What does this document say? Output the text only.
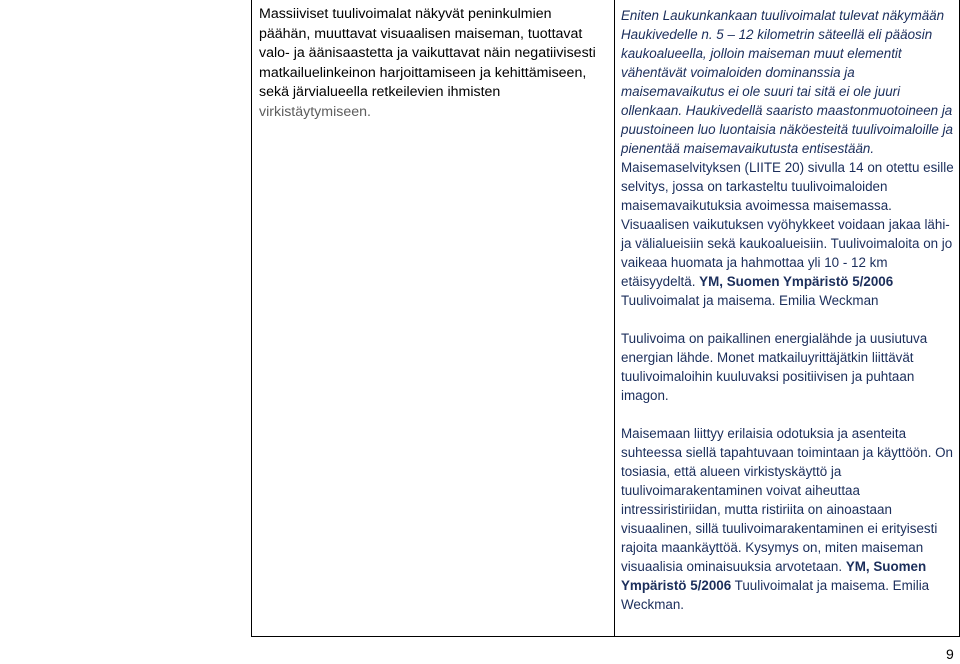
Massiiviset tuulivoimalat näkyvät peninkulmien päähän, muuttavat visuaalisen maiseman, tuottavat valo- ja äänisaastetta ja vaikuttavat näin negatiivisesti matkailuelinkeinon harjoittamiseen ja kehittämiseen, sekä järvialueella retkeilevien ihmisten virkistäytymiseen.

Eniten Laukunkankaan tuulivoimalat tulevat näkymään Haukivedelle n. 5 – 12 kilometrin säteellä eli pääosin kaukoalueella, jolloin maiseman muut elementit vähentävät voimaloiden dominanssia ja maisemavaikutus ei ole suuri tai sitä ei ole juuri ollenkaan. Haukivedellä saaristo maastonmuotoineen ja puustoineen luo luontaisia näköesteitä tuulivoimaloille ja pienentää maisemavaikutusta entisestään. Maisemaselvityksen (LIITE 20) sivulla 14 on otettu esille selvitys, jossa on tarkasteltu tuulivoimaloiden maisemavaikutuksia avoimessa maisemassa. Visuaalisen vaikutuksen vyöhykkeet voidaan jakaa lähi- ja välialueisiin sekä kaukoalueisiin. Tuulivoimaloita on jo vaikeaa huomata ja hahmottaa yli 10 - 12 km etäisyydeltä. YM, Suomen Ympäristö 5/2006 Tuulivoimalat ja maisema. Emilia Weckman

Tuulivoima on paikallinen energialähde ja uusiutuva energian lähde. Monet matkailuyrittäjätkin liittävät tuulivoimaloihin kuuluvaksi positiivisen ja puhtaan imagon.

Maisemaan liittyy erilaisia odotuksia ja asenteita suhteessa siellä tapahtuvaan toimintaan ja käyttöön. On tosiasia, että alueen virkistyskäyttö ja tuulivoimarakentaminen voivat aiheuttaa intressiristiriidan, mutta ristiriita on ainoastaan visuaalinen, sillä tuulivoimarakentaminen ei erityisesti rajoita maankäyttöä. Kysymys on, miten maiseman visuaalisia ominaisuuksia arvotetaan. YM, Suomen Ympäristö 5/2006 Tuulivoimalat ja maisema. Emilia Weckman.

9
